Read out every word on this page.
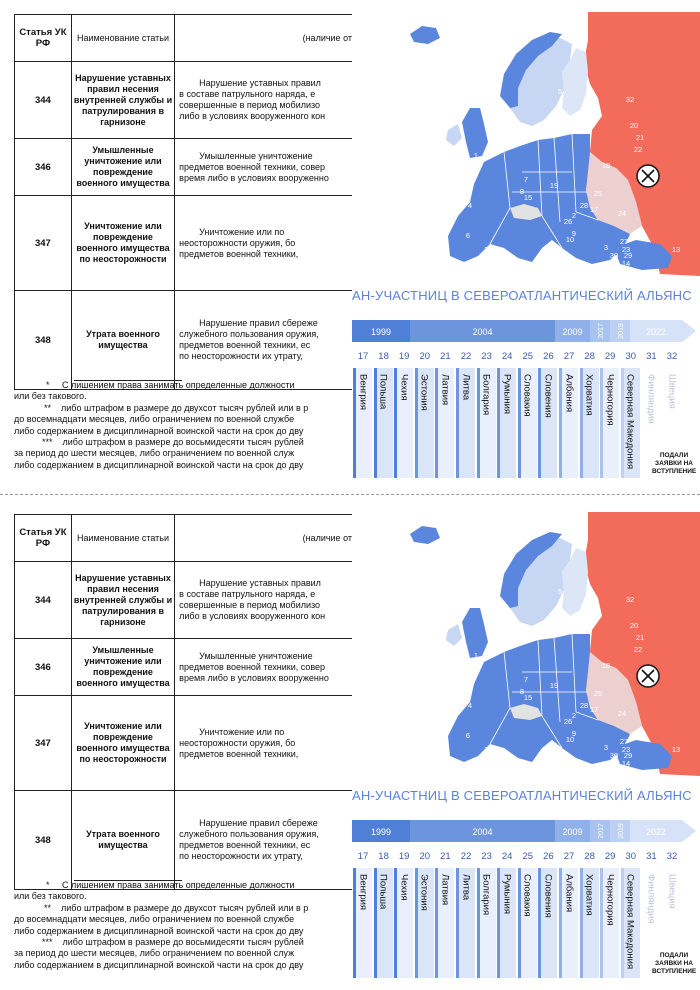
Статья УК РФ	Наименование статьи	(наличие от
344	Нарушение уставных правил несения внутренней службы и патрулирования в гарнизоне	Нарушение уставных правил
в составе патрульного наряда, е
совершенные в период мобилизо
либо в условиях вооруженного кон

346	Умышленные уничтожение или повреждение военного имущества	Умышленные уничтожение
предметов военной техники, совер
время либо в условиях вооруженно

347	Уничтожение или повреждение военного имущества по неосторожности	Уничтожение или по
неосторожности оружия, бо
предметов военной техники,

348	Утрата военного имущества	Нарушение правил сбереже
служебного пользования оружия,
предметов военной техники, ес
по неосторожности их утрату,
* С лишением права занимать определенные должности
или без такового.
** либо штрафом в размере до двухсот тысяч рублей или в р
до восемнадцати месяцев, либо ограничением по военной службе
либо содержанием в дисциплинарной воинской части на срок до дву
*** либо штрафом в размере до восьмидесяти тысяч рублей
за период до шести месяцев, либо ограничением по военной служ
либо содержанием в дисциплинарной воинской части на срок до дву
12
5
31
32
20
21
22
1
18
7
8
15
19
4
25
17
2
28
26
9
24
11
6
16
10	27
29
30
23
3
14
13
АН-УЧАСТНИЦ В СЕВЕРОАТЛАНТИЧЕСКИЙ АЛЬЯНС
1999	2004	2009 2017 2019 2022
17	18	19	20	21	22	23	24	25	26	27	28	29	30	31	32
Венгрия Польша Чехия Эстония Латвия Литва Болгария Румыния Словакия Словения Албания Хорватия Черногория Северная Македония Финляндия Швеция
ПОДАЛИ ЗАЯВКИ НА ВСТУПЛЕНИЕ
Статья УК РФ	Наименование статьи	(наличие от
344	Нарушение уставных правил несения внутренней службы и патрулирования в гарнизоне	Нарушение уставных правил
в составе патрульного наряда, е
совершенные в период мобилизо
либо в условиях вооруженного кон

346	Умышленные уничтожение или повреждение военного имущества	Умышленные уничтожение
предметов военной техники, совер
время либо в условиях вооруженно

347	Уничтожение или повреждение военного имущества по неосторожности	Уничтожение или по
неосторожности оружия, бо
предметов военной техники,

348	Утрата военного имущества	Нарушение правил сбереже
служебного пользования оружия,
предметов военной техники, ес
по неосторожности их утрату,
* С лишением права занимать определенные должности
или без такового.
** либо штрафом в размере до двухсот тысяч рублей или в р
до восемнадцати месяцев, либо ограничением по военной службе
либо содержанием в дисциплинарной воинской части на срок до дву
*** либо штрафом в размере до восьмидесяти тысяч рублей
за период до шести месяцев, либо ограничением по военной служ
либо содержанием в дисциплинарной воинской части на срок до дву
12
5
31
32
20
21
22
1
18
7
8
15
19
4
25
17
2
28
26
9
24
11
6
16
10	27
29
30
23
3
14
13
АН-УЧАСТНИЦ В СЕВЕРОАТЛАНТИЧЕСКИЙ АЛЬЯНС
1999	2004	2009 2017 2019 2022
17	18	19	20	21	22	23	24	25	26	27	28	29	30	31	32
Венгрия Польша Чехия Эстония Латвия Литва Болгария Румыния Словакия Словения Албания Хорватия Черногория Северная Македония Финляндия Швеция
ПОДАЛИ ЗАЯВКИ НА ВСТУПЛЕНИЕ
